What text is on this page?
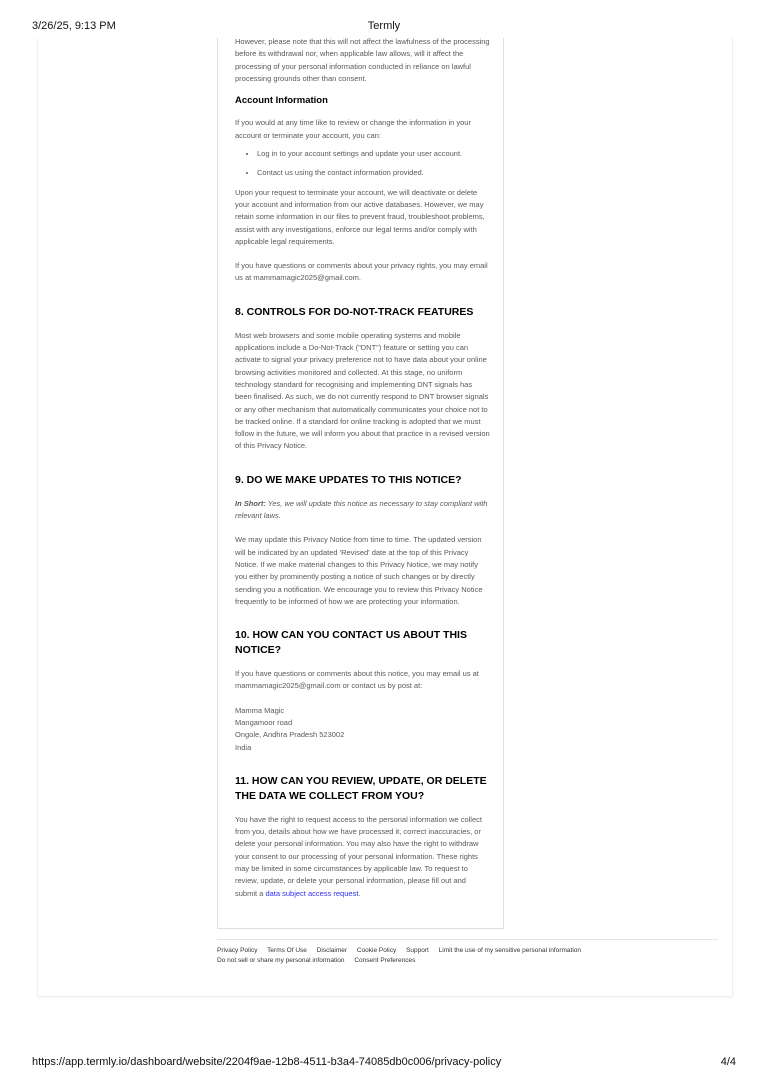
3/26/25, 9:13 PM	Termly

However, please note that this will not affect the lawfulness of the processing before its withdrawal nor, when applicable law allows, will it affect the processing of your personal information conducted in reliance on lawful processing grounds other than consent.

Account Information

If you would at any time like to review or change the information in your account or terminate your account, you can:

• Log in to your account settings and update your user account.
• Contact us using the contact information provided.

Upon your request to terminate your account, we will deactivate or delete your account and information from our active databases. However, we may retain some information in our files to prevent fraud, troubleshoot problems, assist with any investigations, enforce our legal terms and/or comply with applicable legal requirements.

If you have questions or comments about your privacy rights, you may email us at mammamagic2025@gmail.com.

8. CONTROLS FOR DO-NOT-TRACK FEATURES

Most web browsers and some mobile operating systems and mobile applications include a Do-Not-Track ("DNT") feature or setting you can activate to signal your privacy preference not to have data about your online browsing activities monitored and collected. At this stage, no uniform technology standard for recognising and implementing DNT signals has been finalised. As such, we do not currently respond to DNT browser signals or any other mechanism that automatically communicates your choice not to be tracked online. If a standard for online tracking is adopted that we must follow in the future, we will inform you about that practice in a revised version of this Privacy Notice.

9. DO WE MAKE UPDATES TO THIS NOTICE?

In Short: Yes, we will update this notice as necessary to stay compliant with relevant laws.

We may update this Privacy Notice from time to time. The updated version will be indicated by an updated 'Revised' date at the top of this Privacy Notice. If we make material changes to this Privacy Notice, we may notify you either by prominently posting a notice of such changes or by directly sending you a notification. We encourage you to review this Privacy Notice frequently to be informed of how we are protecting your information.

10. HOW CAN YOU CONTACT US ABOUT THIS NOTICE?

If you have questions or comments about this notice, you may email us at mammamagic2025@gmail.com or contact us by post at:

Mamma Magic
Mangamoor road
Ongole, Andhra Pradesh 523002
India

11. HOW CAN YOU REVIEW, UPDATE, OR DELETE THE DATA WE COLLECT FROM YOU?

You have the right to request access to the personal information we collect from you, details about how we have processed it, correct inaccuracies, or delete your personal information. You may also have the right to withdraw your consent to our processing of your personal information. These rights may be limited in some circumstances by applicable law. To request to review, update, or delete your personal information, please fill out and submit a data subject access request.

Privacy Policy Terms Of Use Disclaimer Cookie Policy Support Limit the use of my sensitive personal information
Do not sell or share my personal information Consent Preferences
https://app.termly.io/dashboard/website/2204f9ae-12b8-4511-b3a4-74085db0c006/privacy-policy	4/4
